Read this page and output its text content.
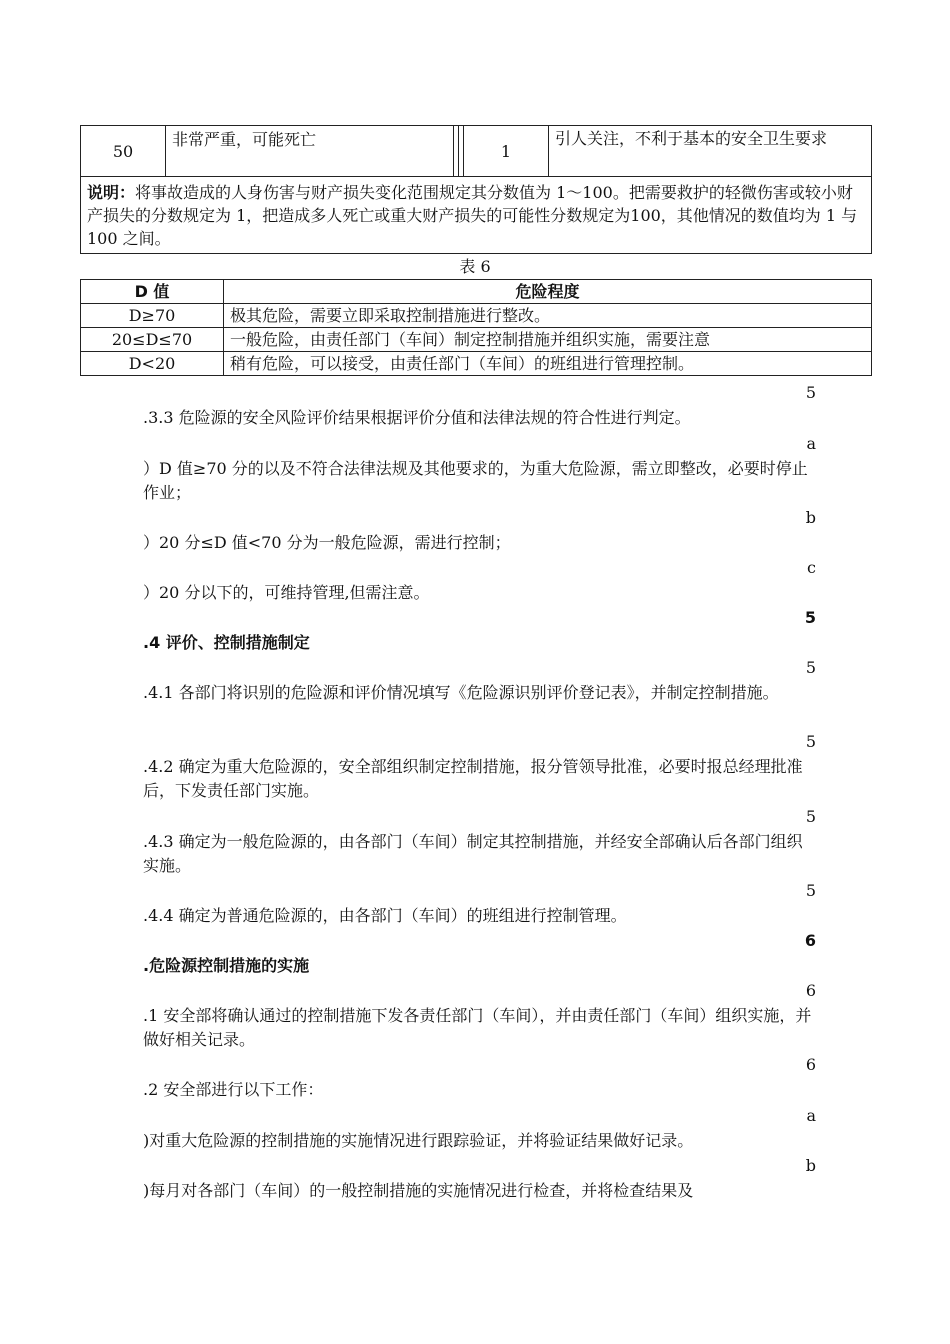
50	非常严重，可能死亡			1	引人关注，不利于基本的安全卫生要求
说明：将事故造成的人身伤害与财产损失变化范围规定其分数值为 1～100。把需要救护的轻微伤害或较小财产损失的分数规定为 1，把造成多人死亡或重大财产损失的可能性分数规定为100，其他情况的数值均为 1 与 100 之间。
表 6
D 值	危险程度
D≥70	极其危险，需要立即采取控制措施进行整改。
20≤D≤70	一般危险，由责任部门（车间）制定控制措施并组织实施，需要注意
D<20	稍有危险，可以接受，由责任部门（车间）的班组进行管理控制。
5
.3.3 危险源的安全风险评价结果根据评价分值和法律法规的符合性进行判定。
a
）D 值≥70 分的以及不符合法律法规及其他要求的，为重大危险源，需立即整改，必要时停止作业；
b
）20 分≤D 值<70 分为一般危险源，需进行控制；
c
）20 分以下的，可维持管理,但需注意。
5
.4 评价、控制措施制定
5
.4.1 各部门将识别的危险源和评价情况填写《危险源识别评价登记表》，并制定控制措施。
5
.4.2 确定为重大危险源的，安全部组织制定控制措施，报分管领导批准，必要时报总经理批准后，下发责任部门实施。
5
.4.3 确定为一般危险源的，由各部门（车间）制定其控制措施，并经安全部确认后各部门组织实施。
5
.4.4 确定为普通危险源的，由各部门（车间）的班组进行控制管理。
6
.危险源控制措施的实施
6
.1 安全部将确认通过的控制措施下发各责任部门（车间），并由责任部门（车间）组织实施，并做好相关记录。
6
.2 安全部进行以下工作：
a
)对重大危险源的控制措施的实施情况进行跟踪验证，并将验证结果做好记录。
b
)每月对各部门（车间）的一般控制措施的实施情况进行检查，并将检查结果及
